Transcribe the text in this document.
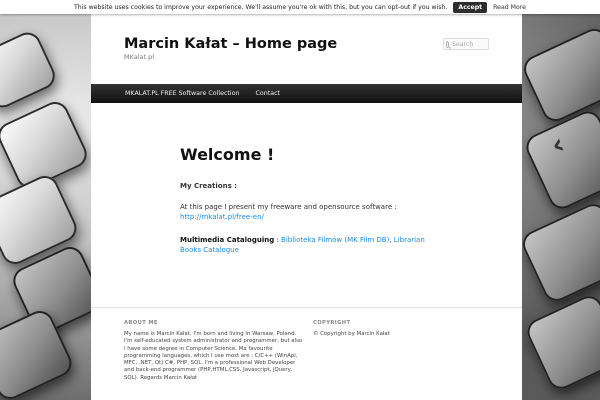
‹
This website uses cookies to improve your experience. We'll assume you're ok with this, but you can opt-out if you wish.	Accept	Read More
Marcin Kałat – Home page
MKalat.pl
Search
MKALAT.PL FREE Software Collection	Contact
Welcome !

My Creations :

At this page I present my freeware and opensource software :
http://mkalat.pl/free-en/

Multimedia Cataloguing : Biblioteka Filmów (MK Film DB), Librarian Books Catalogue

ABOUT ME

My name is Marcin Kałat, I'm born and living in Warsaw, Poland. I'm self-educated system administrator and programmer, but also I have some degree in Computer Science. Ma favourite programming languages, which I use most are : C/C++ (WinApi, MFC, .NET, Qt) C#, PHP, SQL. I'm a professional Web Developer and back-end programmer (PHP,HTML,CSS, Javascript, jQuery, SQL). Regards Marcin Kałat

COPYRIGHT

© Copyright by Marcin Kałat
